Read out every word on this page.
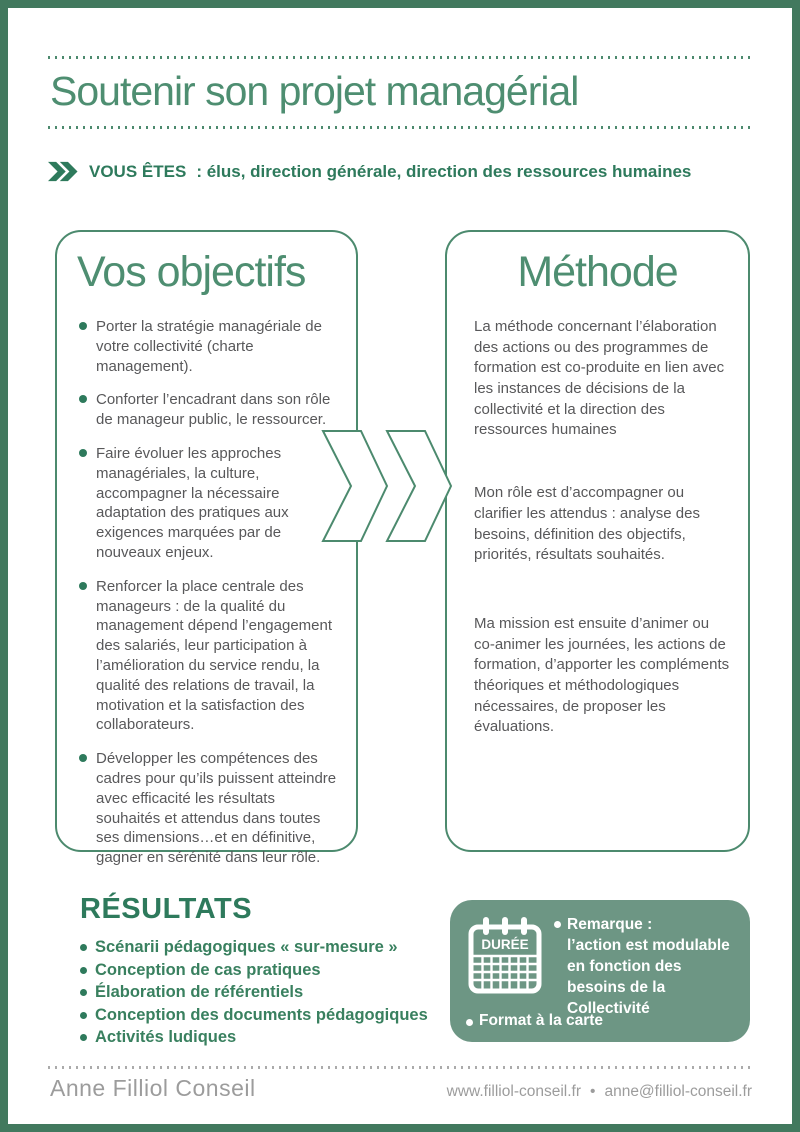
Soutenir son projet managérial
VOUS ÊTES : élus, direction générale, direction des ressources humaines
Vos objectifs
Porter la stratégie managériale de votre collectivité (charte management).
Conforter l’encadrant dans son rôle de manageur public, le ressourcer.
Faire évoluer les approches managériales, la culture, accompagner la nécessaire adaptation des pratiques aux exigences marquées par de nouveaux enjeux.
Renforcer la place centrale des manageurs : de la qualité du management dépend l’engagement des salariés, leur participation à l’amélioration du service rendu, la qualité des relations de travail, la motivation et la satisfaction des collaborateurs.
Développer les compétences des cadres pour qu’ils puissent atteindre avec efficacité les résultats souhaités et attendus dans toutes ses dimensions…et en définitive, gagner en sérénité dans leur rôle.
Méthode

La méthode concernant l’élaboration des actions ou des programmes de formation est co-produite en lien avec les instances de décisions de la collectivité et la direction des ressources humaines

Mon rôle est d’accompagner ou clarifier les attendus : analyse des besoins, définition des objectifs, priorités, résultats souhaités.

Ma mission est ensuite d’animer ou co-animer les journées, les actions de formation, d’apporter les compléments théoriques et méthodologiques nécessaires, de proposer les évaluations.

RÉSULTATS
Scénarii pédagogiques « sur-mesure »
Conception de cas pratiques
Élaboration de référentiels
Conception des documents pédagogiques
Activités ludiques
DURÉE
Remarque :
l’action est modulable en fonction des besoins de la Collectivité
Format à la carte
Anne Filliol Conseil	www.filliol-conseil.fr • anne@filliol-conseil.fr
